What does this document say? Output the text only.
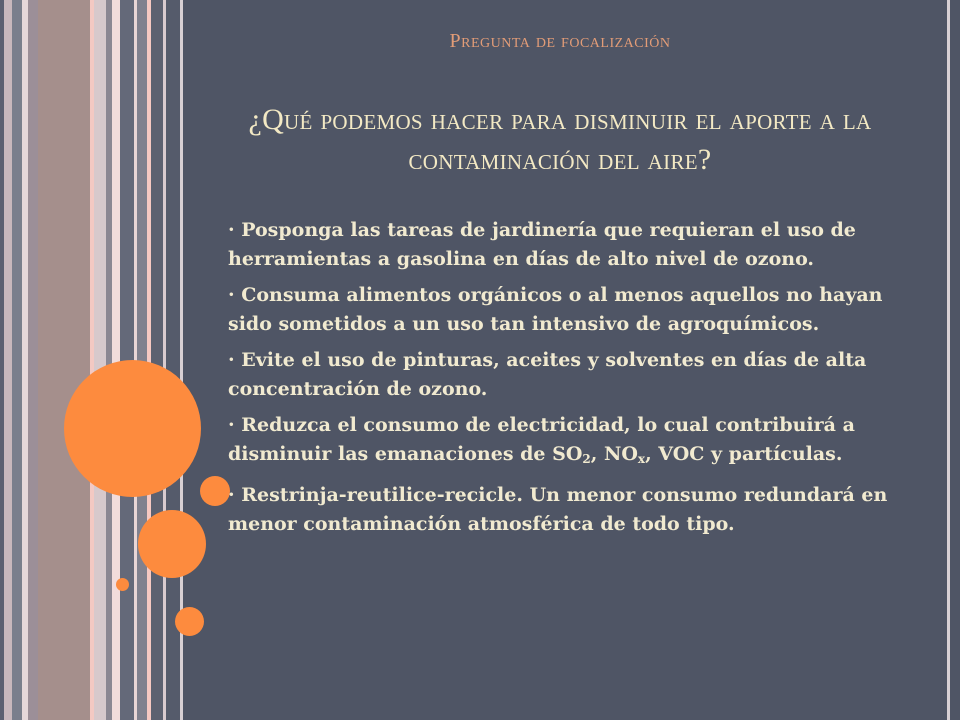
Pregunta de focalización
¿Qué podemos hacer para disminuir el aporte a la contaminación del aire?

· Posponga las tareas de jardinería que requieran el uso de herramientas a gasolina en días de alto nivel de ozono.

· Consuma alimentos orgánicos o al menos aquellos no hayan sido sometidos a un uso tan intensivo de agroquímicos.

· Evite el uso de pinturas, aceites y solventes en días de alta concentración de ozono.

· Reduzca el consumo de electricidad, lo cual contribuirá a disminuir las emanaciones de $SO_2$, $NO_x$, VOC y partículas.

· Restrinja-reutilice-recicle. Un menor consumo redundará en menor contaminación atmosférica de todo tipo.
